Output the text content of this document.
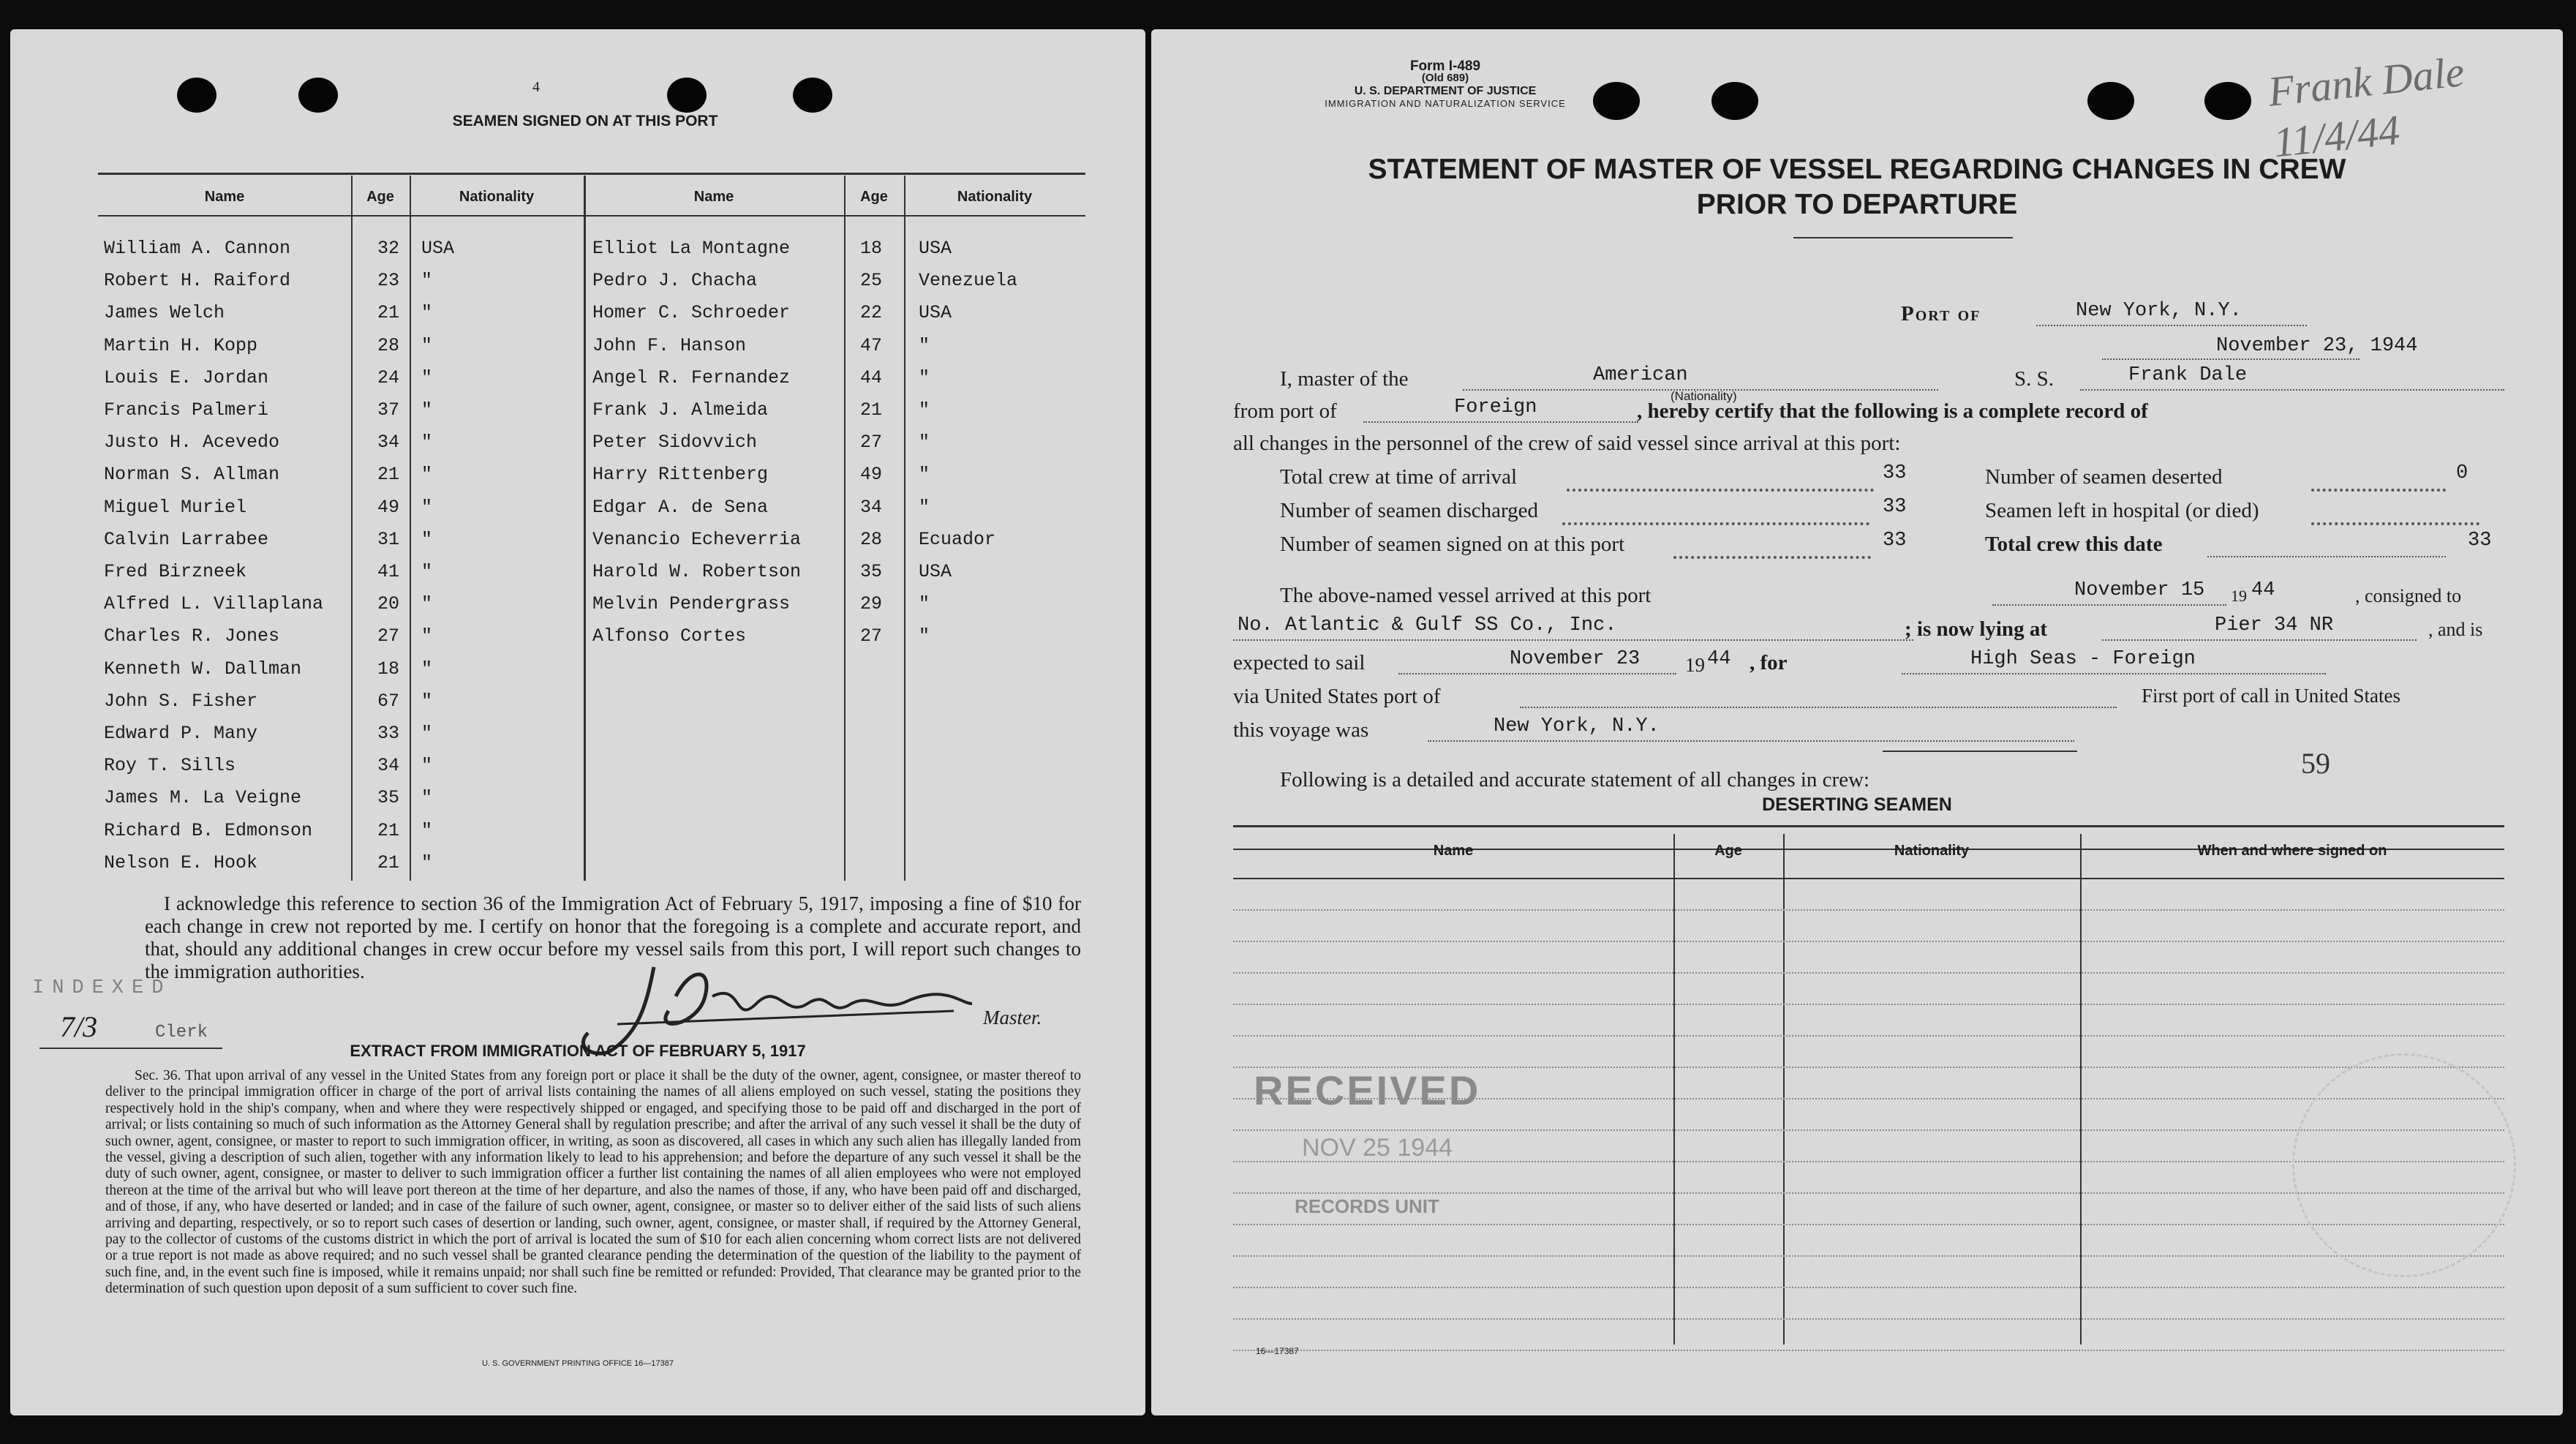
4
SEAMEN SIGNED ON AT THIS PORT
Name	Age	Nationality	Name	Age	Nationality
William A. Cannon	32 USA	Elliot La Montagne	18 USA
Robert H. Raiford	23 "	Pedro J. Chacha	25 Venezuela
James Welch	21 "	Homer C. Schroeder	22 USA
Martin H. Kopp	28 "	John F. Hanson	47 "
Louis E. Jordan	24 "	Angel R. Fernandez	44 "
Francis Palmeri	37 "	Frank J. Almeida	21 "
Justo H. Acevedo	34 "	Peter Sidovvich	27 "
Norman S. Allman	21 "	Harry Rittenberg	49 "
Miguel Muriel	49 "	Edgar A. de Sena	34 "
Calvin Larrabee	31 "	Venancio Echeverria	28 Ecuador
Fred Birzneek	41 "	Harold W. Robertson	35 USA
Alfred L. Villaplana	20 "	Melvin Pendergrass	29 "
Charles R. Jones	27 "	Alfonso Cortes	27 "
Kenneth W. Dallman	18 "
John S. Fisher	67 "
Edward P. Many	33 "
Roy T. Sills	34 "
James M. La Veigne	35 "
Richard B. Edmonson	21 "
Nelson E. Hook	21 "
I acknowledge this reference to section 36 of the Immigration Act of February 5, 1917, imposing a fine of $10 for each change in crew not reported by me. I certify on honor that the foregoing is a complete and accurate report, and that, should any additional changes in crew occur before my vessel sails from this port, I will report such changes to the immigration authorities.
INDEXED
7/3	Clerk
Master.
EXTRACT FROM IMMIGRATION ACT OF FEBRUARY 5, 1917
Sec. 36. That upon arrival of any vessel in the United States from any foreign port or place it shall be the duty of the owner, agent, consignee, or master thereof to deliver to the principal immigration officer in charge of the port of arrival lists containing the names of all aliens employed on such vessel, stating the positions they respectively hold in the ship's company, when and where they were respectively shipped or engaged, and specifying those to be paid off and discharged in the port of arrival; or lists containing so much of such information as the Attorney General shall by regulation prescribe; and after the arrival of any such vessel it shall be the duty of such owner, agent, consignee, or master to report to such immigration officer, in writing, as soon as discovered, all cases in which any such alien has illegally landed from the vessel, giving a description of such alien, together with any information likely to lead to his apprehension; and before the departure of any such vessel it shall be the duty of such owner, agent, consignee, or master to deliver to such immigration officer a further list containing the names of all alien employees who were not employed thereon at the time of the arrival but who will leave port thereon at the time of her departure, and also the names of those, if any, who have been paid off and discharged, and of those, if any, who have deserted or landed; and in case of the failure of such owner, agent, consignee, or master so to deliver either of the said lists of such aliens arriving and departing, respectively, or so to report such cases of desertion or landing, such owner, agent, consignee, or master shall, if required by the Attorney General, pay to the collector of customs of the customs district in which the port of arrival is located the sum of $10 for each alien concerning whom correct lists are not delivered or a true report is not made as above required; and no such vessel shall be granted clearance pending the determination of the question of the liability to the payment of such fine, and, in the event such fine is imposed, while it remains unpaid; nor shall such fine be remitted or refunded: Provided, That clearance may be granted prior to the determination of such question upon deposit of a sum sufficient to cover such fine.
U. S. GOVERNMENT PRINTING OFFICE 16—17387
Form I-489
(Old 689)
U. S. DEPARTMENT OF JUSTICE
IMMIGRATION AND NATURALIZATION SERVICE	Frank Dale 11/4/44
STATEMENT OF MASTER OF VESSEL REGARDING CHANGES IN CREW
PRIOR TO DEPARTURE
Port of	New York, N.Y.
November 23, 1944
I, master of the	American
(Nationality)
S. S.	Frank Dale
from port of	Foreign	, hereby certify that the following is a complete record of
all changes in the personnel of the crew of said vessel since arrival at this port:
Total crew at time of arrival	33	Number of seamen deserted	0
Number of seamen discharged	33	Seamen left in hospital (or died)
Number of seamen signed on at this port	33	Total crew this date	33
The above-named vessel arrived at this port	November 15 19 44	, consigned to
No. Atlantic & Gulf SS Co., Inc.	; is now lying at	Pier 34 NR	, and is
expected to sail	November 23 19 44 , for	High Seas - Foreign
via United States port of	First port of call in United States
this voyage was	New York, N.Y.
Following is a detailed and accurate statement of all changes in crew:	59
DESERTING SEAMEN
Name	Age	Nationality	When and where signed on
RECEIVED
NOV 25 1944
RECORDS UNIT
16—17387
